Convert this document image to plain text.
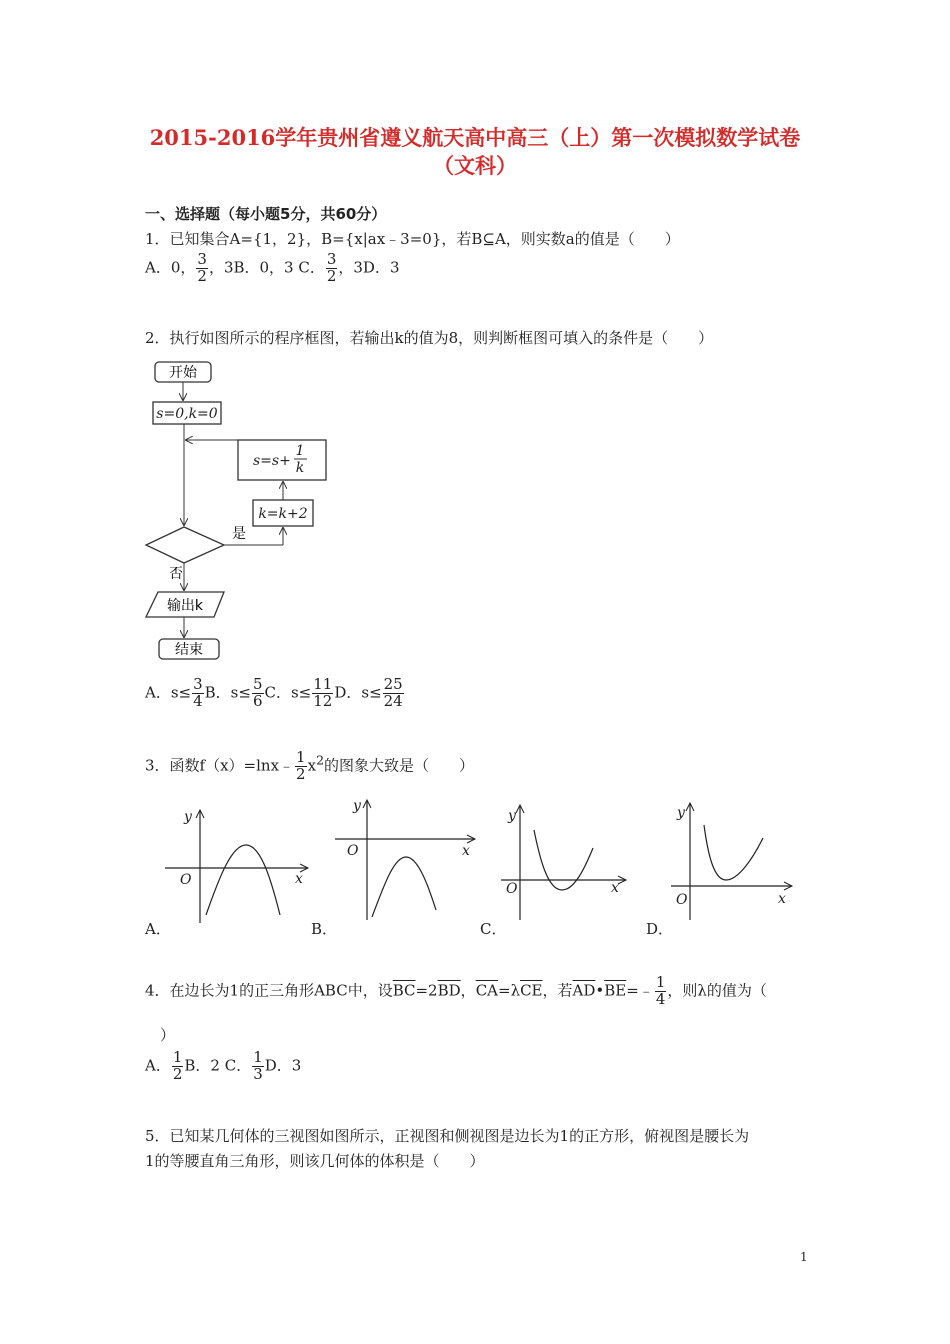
2015-2016学年贵州省遵义航天高中高三（上）第一次模拟数学试卷
（文科）
一、选择题（每小题5分，共60分）
1．已知集合A={1，2}，B={x|ax﹣3=0}，若B⊆A，则实数a的值是（　　）
A．0， $\frac{3}{2}$ ，3B．0，3 C． $\frac{3}{2}$ ，3D．3
2．执行如图所示的程序框图，若输出k的值为8，则判断框图可填入的条件是（　　）
开始
s=0,k=0
s=s+
1
k
k=k+2
是
否
输出k
结束
A．$s\le \frac{3}{4}$ B．$s\le \frac{5}{6}$ C．$s\le \frac{11}{12}$ D．$s\le \frac{25}{24}$
3．函数f（x）=lnx﹣ $\frac{1}{2} x^2$的图象大致是（　　）
y
x
O
A．
y
x
O
B．
y
x
O
C．
y
x
O
D．
4．在边长为1的正三角形ABC中，设$\overline{BC}=2\overline{BD}$，$\overline{CA}=\lambda\overline{CE}$，若$\overline{AD}•\overline{BE}=﹣ \frac{1}{4}$ ，则λ的值为（
）
A． $\frac{1}{2}$ B．2 C． $\frac{1}{3}$ D．3
5．已知某几何体的三视图如图所示，正视图和侧视图是边长为1的正方形，俯视图是腰长为
1的等腰直角三角形，则该几何体的体积是（　　）
1
